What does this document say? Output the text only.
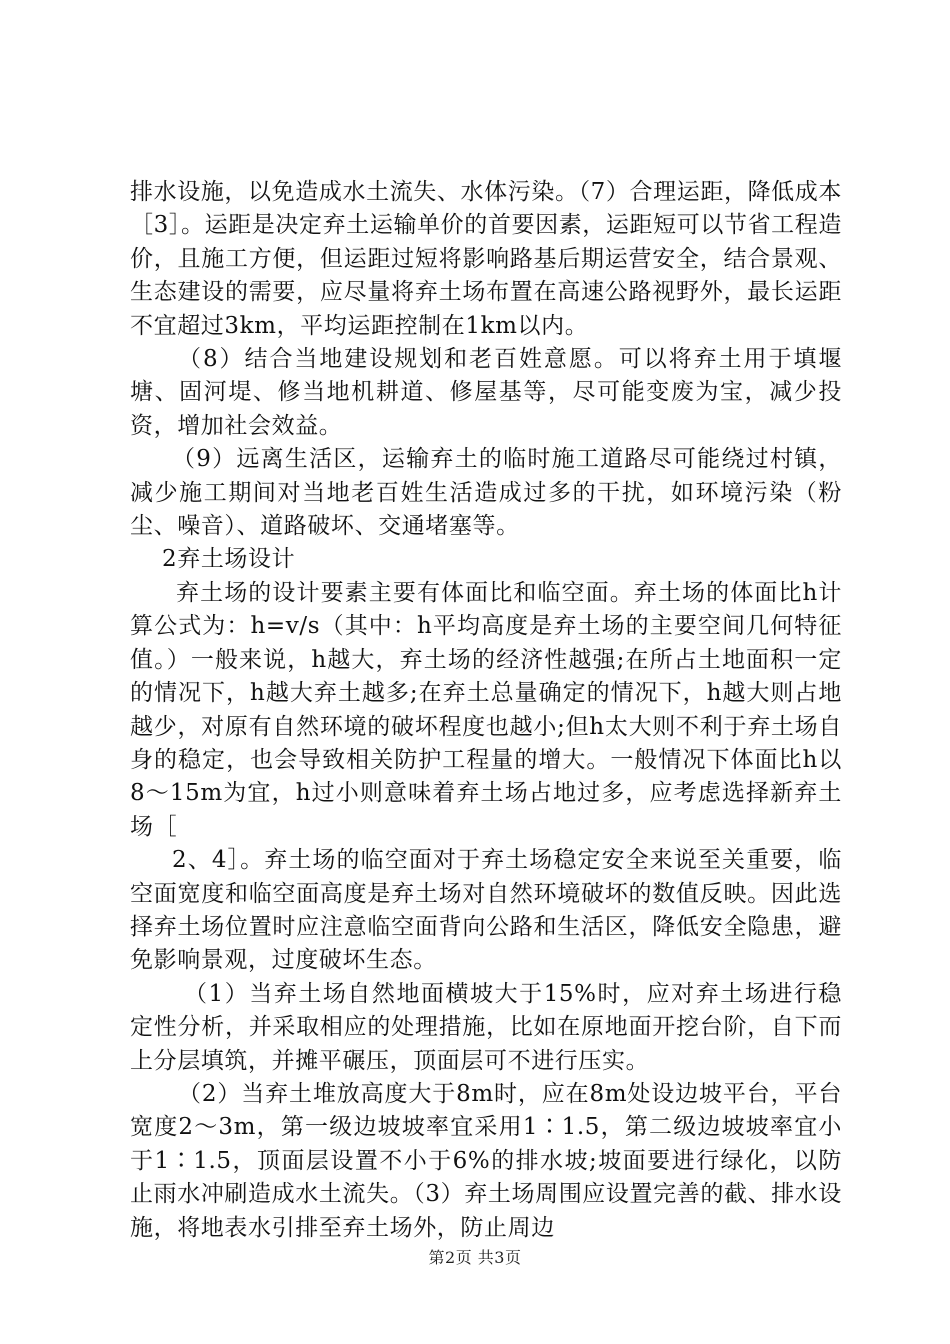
排水设施，以免造成水土流失、水体污染。（7）合理运距，降低成本［3］。运距是决定弃土运输单价的首要因素，运距短可以节省工程造价，且施工方便，但运距过短将影响路基后期运营安全，结合景观、生态建设的需要，应尽量将弃土场布置在高速公路视野外，最长运距不宜超过3km，平均运距控制在1km以内。

（8）结合当地建设规划和老百姓意愿。可以将弃土用于填堰塘、固河堤、修当地机耕道、修屋基等，尽可能变废为宝，减少投资，增加社会效益。

（9）远离生活区，运输弃土的临时施工道路尽可能绕过村镇，减少施工期间对当地老百姓生活造成过多的干扰，如环境污染（粉尘、噪音）、道路破坏、交通堵塞等。

2弃土场设计

弃土场的设计要素主要有体面比和临空面。弃土场的体面比h计算公式为：h=v/s（其中：h平均高度是弃土场的主要空间几何特征值。）一般来说，h越大，弃土场的经济性越强;在所占土地面积一定的情况下，h越大弃土越多;在弃土总量确定的情况下，h越大则占地越少，对原有自然环境的破坏程度也越小;但h太大则不利于弃土场自身的稳定，也会导致相关防护工程量的增大。一般情况下体面比h以8～15m为宜，h过小则意味着弃土场占地过多，应考虑选择新弃土场［

2、4］。弃土场的临空面对于弃土场稳定安全来说至关重要，临空面宽度和临空面高度是弃土场对自然环境破坏的数值反映。因此选择弃土场位置时应注意临空面背向公路和生活区，降低安全隐患，避免影响景观，过度破坏生态。

（1）当弃土场自然地面横坡大于15%时，应对弃土场进行稳定性分析，并采取相应的处理措施，比如在原地面开挖台阶，自下而上分层填筑，并摊平碾压，顶面层可不进行压实。

（2）当弃土堆放高度大于8m时，应在8m处设边坡平台，平台宽度2～3m，第一级边坡坡率宜采用1∶1.5，第二级边坡坡率宜小于1∶1.5，顶面层设置不小于6%的排水坡;坡面要进行绿化，以防止雨水冲刷造成水土流失。（3）弃土场周围应设置完善的截、排水设施，将地表水引排至弃土场外，防止周边

第2页 共3页
